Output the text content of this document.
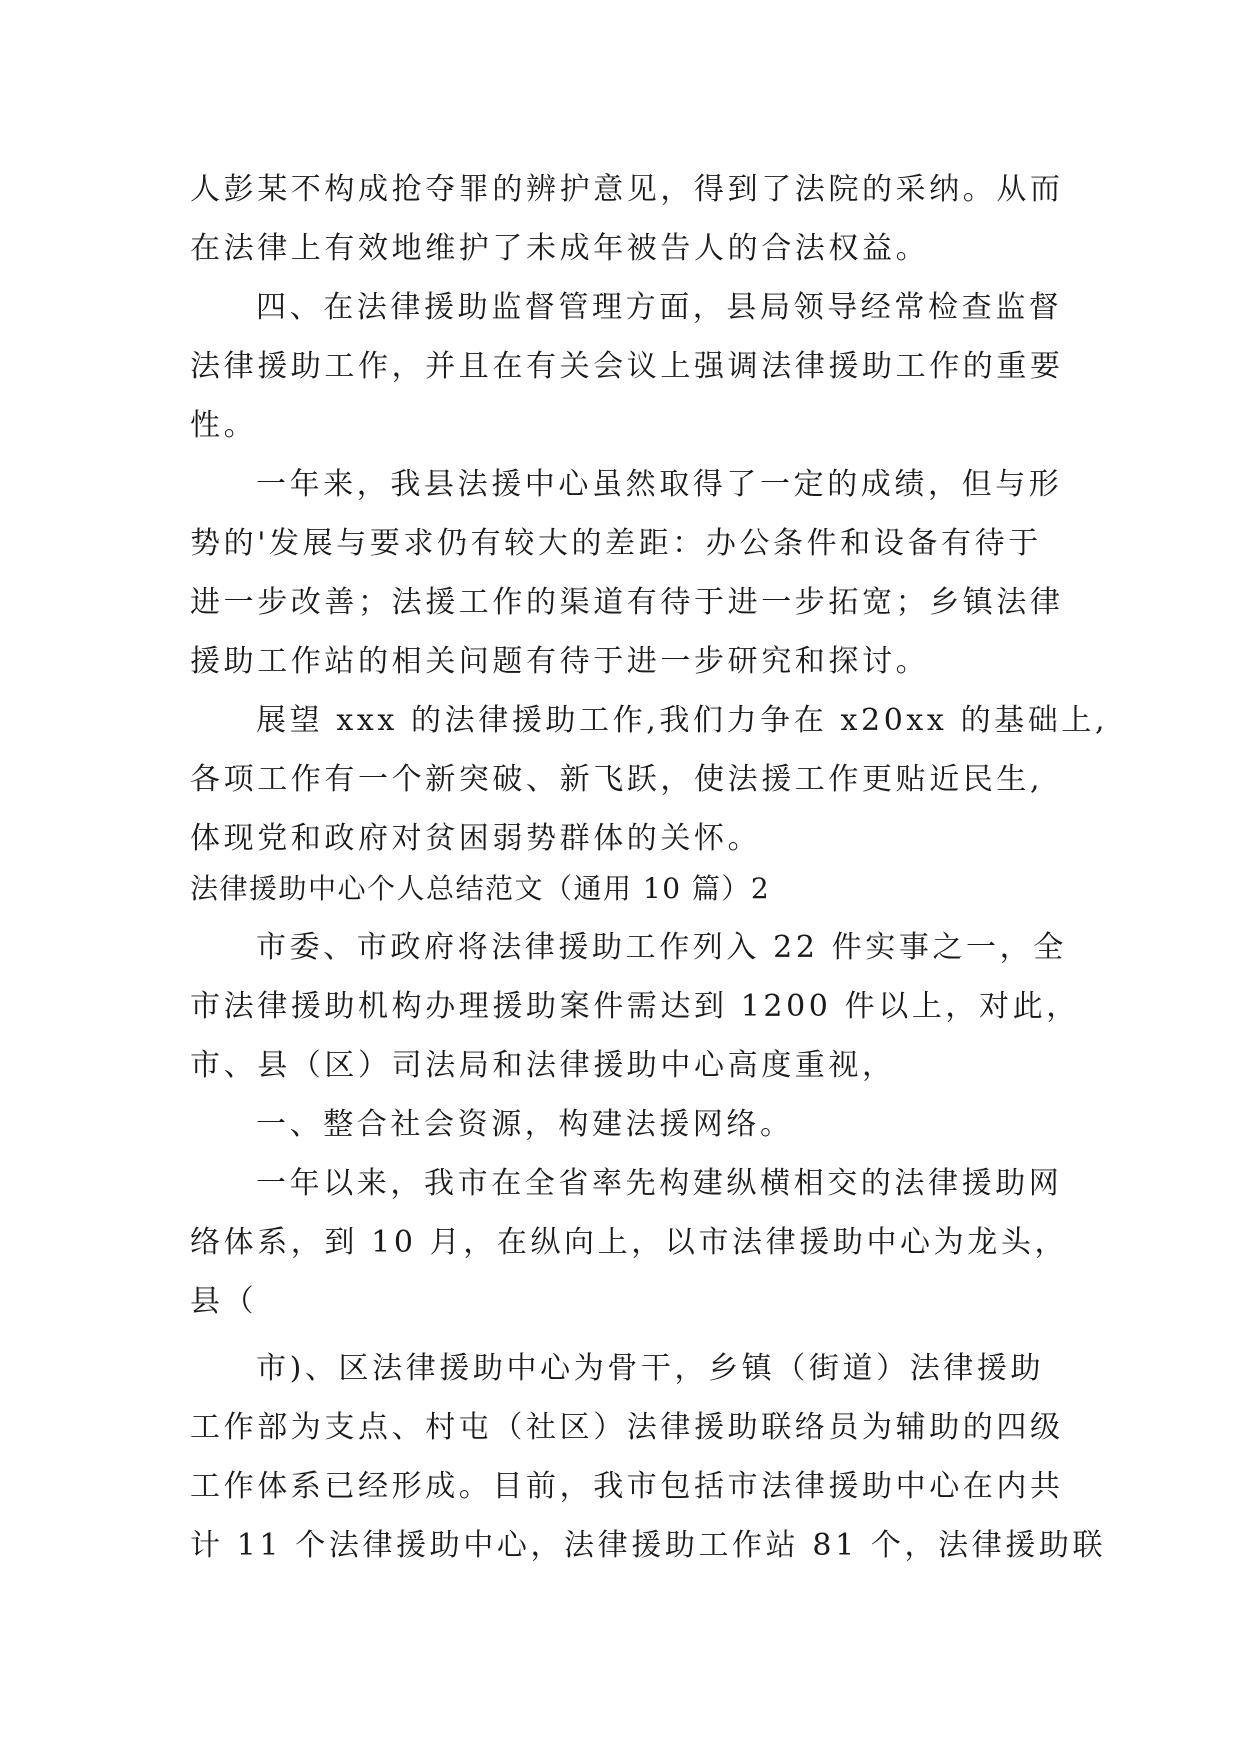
人彭某不构成抢夺罪的辨护意见，得到了法院的采纳。从而
在法律上有效地维护了未成年被告人的合法权益。
四、在法律援助监督管理方面，县局领导经常检查监督
法律援助工作，并且在有关会议上强调法律援助工作的重要
性。
一年来，我县法援中心虽然取得了一定的成绩，但与形
势的'发展与要求仍有较大的差距：办公条件和设备有待于
进一步改善；法援工作的渠道有待于进一步拓宽；乡镇法律
援助工作站的相关问题有待于进一步研究和探讨。
展望 xxx 的法律援助工作,我们力争在 x20xx 的基础上,
各项工作有一个新突破、新飞跃，使法援工作更贴近民生,
体现党和政府对贫困弱势群体的关怀。
法律援助中心个人总结范文（通用 10 篇）2
市委、市政府将法律援助工作列入 22 件实事之一，全
市法律援助机构办理援助案件需达到 1200 件以上，对此，
市、县（区）司法局和法律援助中心高度重视，
一、整合社会资源，构建法援网络。
一年以来，我市在全省率先构建纵横相交的法律援助网
络体系，到 10 月，在纵向上，以市法律援助中心为龙头，
县（
市)、区法律援助中心为骨干，乡镇（街道）法律援助
工作部为支点、村屯（社区）法律援助联络员为辅助的四级
工作体系已经形成。目前，我市包括市法律援助中心在内共
计 11 个法律援助中心，法律援助工作站 81 个，法律援助联
